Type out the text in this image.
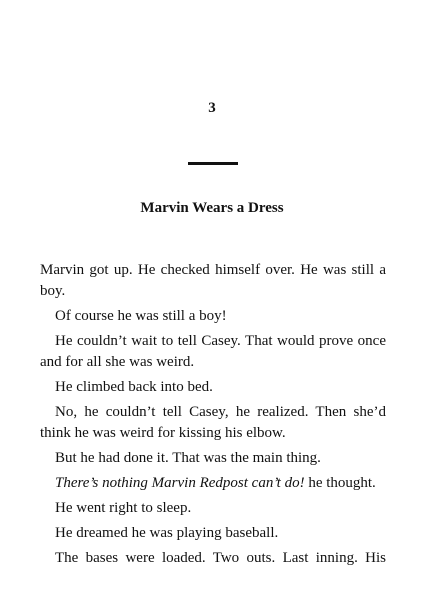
3
Marvin Wears a Dress

Marvin got up. He checked himself over. He was still a boy.

Of course he was still a boy!

He couldn’t wait to tell Casey. That would prove once and for all she was weird.

He climbed back into bed.

No, he couldn’t tell Casey, he realized. Then she’d think he was weird for kissing his elbow.

But he had done it. That was the main thing.

There’s nothing Marvin Redpost can’t do! he thought.

He went right to sleep.

He dreamed he was playing baseball.

The bases were loaded. Two outs. Last inning. His
